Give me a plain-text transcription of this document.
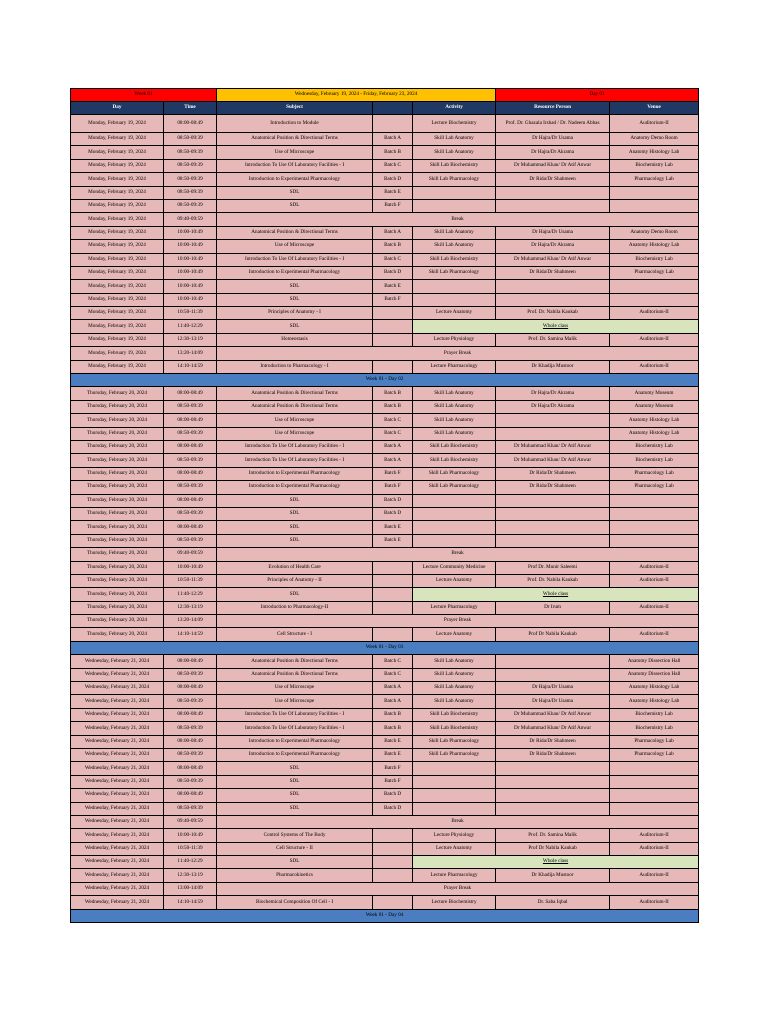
Week 01		Wednesday, February 19, 2024 - Friday, February 23, 2024			Day 01	
Day	Time	Subject		Activity	Resource Person	Venue
Monday, February 19, 2024	08:00-08:49	Introduction to Module		Lecture Biochemistry	Prof. Dr. Ghazala Irshad / Dr. Nadeem Abbas	Auditorium-II
Monday, February 19, 2024	08:50-09:39	Anatomical Position & Directional Terms	Batch A	Skill Lab Anatomy	Dr Hajra/Dr Usama	Anatomy Demo Room
Monday, February 19, 2024	08:50-09:39	Use of Microscope	Batch B	Skill Lab Anatomy	Dr Hajra/Dr Akrama	Anatomy Histology Lab
Monday, February 19, 2024	08:50-09:39	Introduction To Use Of Laboratory Facilities - I	Batch C	Skill Lab Biochemistry	Dr Muhammad Khan/ Dr Atif Anwar	Biochemistry Lab
Monday, February 19, 2024	08:50-09:39	Introduction to Experimental Pharmacology	Batch D	Skill Lab Pharmacology	Dr Rida/Dr Shahmeen	Pharmacology Lab
Monday, February 19, 2024	08:50-09:39	SDL	Batch E			
Monday, February 19, 2024	08:50-09:39	SDL	Batch F			
Monday, February 19, 2024	09:40-09:59	Break				
Monday, February 19, 2024	10:00-10:49	Anatomical Position & Directional Terms	Batch A	Skill Lab Anatomy	Dr Hajra/Dr Usama	Anatomy Demo Room
Monday, February 19, 2024	10:00-10:49	Use of Microscope	Batch B	Skill Lab Anatomy	Dr Hajra/Dr Akrama	Anatomy Histology Lab
Monday, February 19, 2024	10:00-10:49	Introduction To Use Of Laboratory Facilities - I	Batch C	Skill Lab Biochemistry	Dr Muhammad Khan/ Dr Atif Anwar	Biochemistry Lab
Monday, February 19, 2024	10:00-10:49	Introduction to Experimental Pharmacology	Batch D	Skill Lab Pharmacology	Dr Rida/Dr Shahmeen	Pharmacology Lab
Monday, February 19, 2024	10:00-10:49	SDL	Batch E			
Monday, February 19, 2024	10:00-10:49	SDL	Batch F			
Monday, February 19, 2024	10:50-11:39	Principles of Anatomy - I		Lecture Anatomy	Prof. Dr. Nabila Kaukab	Auditorium-II
Monday, February 19, 2024	11:40-12:29	SDL		Whole class		
Monday, February 19, 2024	12:30-13:19	Homeostasis		Lecture Physiology	Prof. Dr. Samina Malik	Auditorium-II
Monday, February 19, 2024	13:20-14:09	Prayer Break				
Monday, February 19, 2024	14:10-14:59	Introduction to Pharmacology - I		Lecture Pharmacology	Dr Khadija Mustoor	Auditorium-II
Week 01 - Day 02						
Thursday, February 20, 2024	08:00-08:49	Anatomical Position & Directional Terms	Batch B	Skill Lab Anatomy	Dr Hajra/Dr Akrama	Anatomy Museum
Thursday, February 20, 2024	08:50-09:39	Anatomical Position & Directional Terms	Batch B	Skill Lab Anatomy	Dr Hajra/Dr Akrama	Anatomy Museum
Thursday, February 20, 2024	08:00-08:49	Use of Microscope	Batch C	Skill Lab Anatomy		Anatomy Histology Lab
Thursday, February 20, 2024	08:50-09:39	Use of Microscope	Batch C	Skill Lab Anatomy		Anatomy Histology Lab
Thursday, February 20, 2024	08:00-08:49	Introduction To Use Of Laboratory Facilities - I	Batch A	Skill Lab Biochemistry	Dr Muhammad Khan/ Dr Atif Anwar	Biochemistry Lab
Thursday, February 20, 2024	08:50-09:39	Introduction To Use Of Laboratory Facilities - I	Batch A	Skill Lab Biochemistry	Dr Muhammad Khan/ Dr Atif Anwar	Biochemistry Lab
Thursday, February 20, 2024	08:00-08:49	Introduction to Experimental Pharmacology	Batch F	Skill Lab Pharmacology	Dr Rida/Dr Shahmeen	Pharmacology Lab
Thursday, February 20, 2024	08:50-09:39	Introduction to Experimental Pharmacology	Batch F	Skill Lab Pharmacology	Dr Rida/Dr Shahmeen	Pharmacology Lab
Thursday, February 20, 2024	08:00-08:49	SDL	Batch D			
Thursday, February 20, 2024	08:50-09:39	SDL	Batch D			
Thursday, February 20, 2024	08:00-08:49	SDL	Batch E			
Thursday, February 20, 2024	08:50-09:39	SDL	Batch E			
Thursday, February 20, 2024	09:40-09:59	Break				
Thursday, February 20, 2024	10:00-10:49	Evolution of Health Care		Lecture Community Medicine	Prof Dr. Munir Saleemi	Auditorium-II
Thursday, February 20, 2024	10:50-11:39	Principles of Anatomy - II		Lecture Anatomy	Prof. Dr. Nabila Kaukab	Auditorium-II
Thursday, February 20, 2024	11:40-12:29	SDL		Whole class		
Thursday, February 20, 2024	12:30-13:19	Introduction to Pharmacology-II		Lecture Pharmacology	Dr Irum	Auditorium-II
Thursday, February 20, 2024	13:20-14:09	Prayer Break				
Thursday, February 20, 2024	14:10-14:59	Cell Structure - I		Lecture Anatomy	Prof Dr Nabila Kaukab	Auditorium-II
Week 01 - Day 03						
Wednesday, February 21, 2024	08:00-08:49	Anatomical Position & Directional Terms	Batch C	Skill Lab Anatomy		Anatomy Dissection Hall
Wednesday, February 21, 2024	08:50-09:39	Anatomical Position & Directional Terms	Batch C	Skill Lab Anatomy		Anatomy Dissection Hall
Wednesday, February 21, 2024	08:00-08:49	Use of Microscope	Batch A	Skill Lab Anatomy	Dr Hajra/Dr Usama	Anatomy Histology Lab
Wednesday, February 21, 2024	08:50-09:39	Use of Microscope	Batch A	Skill Lab Anatomy	Dr Hajra/Dr Usama	Anatomy Histology Lab
Wednesday, February 21, 2024	08:00-08:49	Introduction To Use Of Laboratory Facilities - I	Batch B	Skill Lab Biochemistry	Dr Muhammad Khan/ Dr Atif Anwar	Biochemistry Lab
Wednesday, February 21, 2024	08:50-09:39	Introduction To Use Of Laboratory Facilities - I	Batch B	Skill Lab Biochemistry	Dr Muhammad Khan/ Dr Atif Anwar	Biochemistry Lab
Wednesday, February 21, 2024	08:00-08:49	Introduction to Experimental Pharmacology	Batch E	Skill Lab Pharmacology	Dr Rida/Dr Shahmeen	Pharmacology Lab
Wednesday, February 21, 2024	08:50-09:39	Introduction to Experimental Pharmacology	Batch E	Skill Lab Pharmacology	Dr Rida/Dr Shahmeen	Pharmacology Lab
Wednesday, February 21, 2024	08:00-08:49	SDL	Batch F			
Wednesday, February 21, 2024	08:50-09:39	SDL	Batch F			
Wednesday, February 21, 2024	08:00-08:49	SDL	Batch D			
Wednesday, February 21, 2024	08:50-09:39	SDL	Batch D			
Wednesday, February 21, 2024	09:40-09:59	Break				
Wednesday, February 21, 2024	10:00-10:49	Control Systems of The Body		Lecture Physiology	Prof. Dr. Samina Malik	Auditorium-II
Wednesday, February 21, 2024	10:50-11:39	Cell Structure - II		Lecture Anatomy	Prof Dr Nabila Kaukab	Auditorium-II
Wednesday, February 21, 2024	11:40-12:29	SDL		Whole class		
Wednesday, February 21, 2024	12:30-13:19	Pharmacokinetics		Lecture Pharmacology	Dr Khadija Mustoor	Auditorium-II
Wednesday, February 21, 2024	13:00-14:09	Prayer Break				
Wednesday, February 21, 2024	14:10-14:59	Biochemical Composition Of Cell - I		Lecture Biochemistry	Dr. Saba Iqbal	Auditorium-II
Week 01 - Day 04						
